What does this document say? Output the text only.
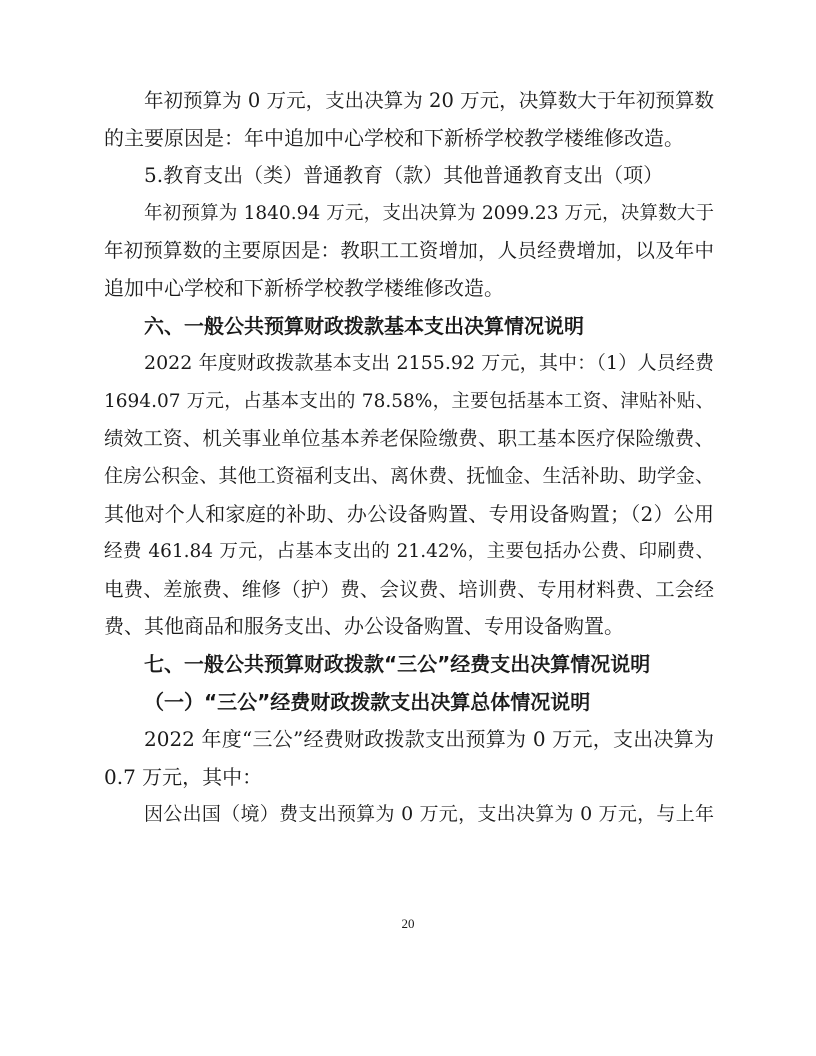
年初预算为 0 万元，支出决算为 20 万元，决算数大于年初预算数
的主要原因是：年中追加中心学校和下新桥学校教学楼维修改造。
5.教育支出（类）普通教育（款）其他普通教育支出（项）
年初预算为 1840.94 万元，支出决算为 2099.23 万元，决算数大于
年初预算数的主要原因是：教职工工资增加，人员经费增加，以及年中
追加中心学校和下新桥学校教学楼维修改造。
六、一般公共预算财政拨款基本支出决算情况说明
2022 年度财政拨款基本支出 2155.92 万元，其中：（1）人员经费
1694.07 万元，占基本支出的 78.58%，主要包括基本工资、津贴补贴、
绩效工资、机关事业单位基本养老保险缴费、职工基本医疗保险缴费、
住房公积金、其他工资福利支出、离休费、抚恤金、生活补助、助学金、
其他对个人和家庭的补助、办公设备购置、专用设备购置；（2）公用
经费 461.84 万元，占基本支出的 21.42%，主要包括办公费、印刷费、
电费、差旅费、维修（护）费、会议费、培训费、专用材料费、工会经
费、其他商品和服务支出、办公设备购置、专用设备购置。
七、一般公共预算财政拨款“三公”经费支出决算情况说明
（一）“三公”经费财政拨款支出决算总体情况说明
2022 年度“三公”经费财政拨款支出预算为 0 万元，支出决算为
0.7 万元，其中：
因公出国（境）费支出预算为 0 万元，支出决算为 0 万元，与上年
20
